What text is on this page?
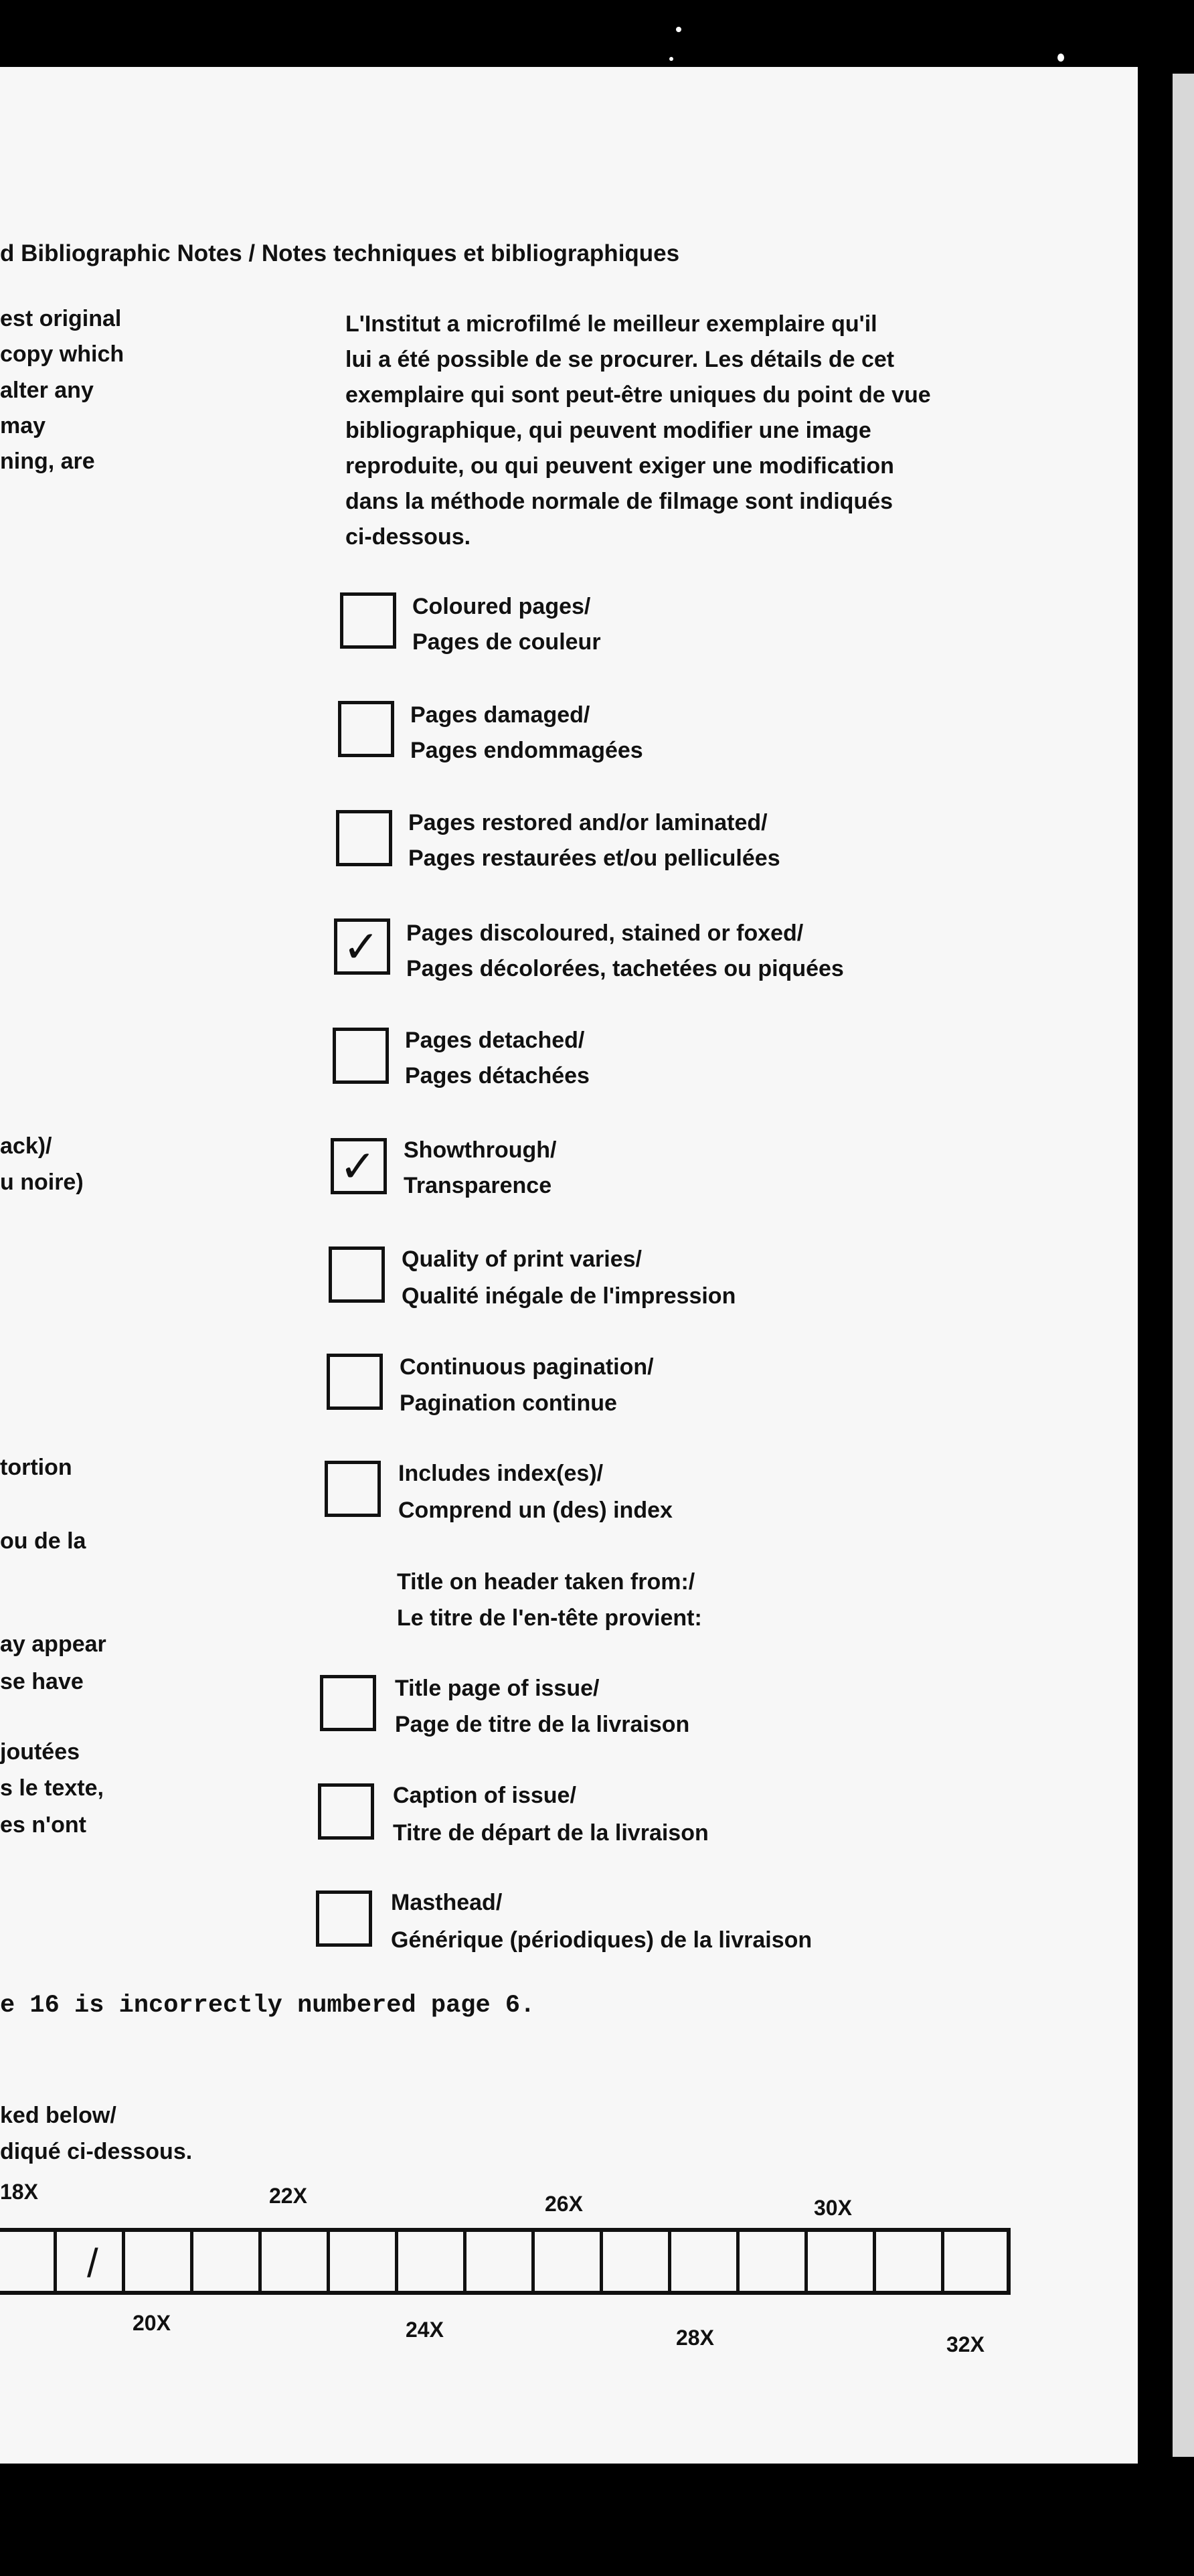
d Bibliographic Notes / Notes techniques et bibliographiques
est original
copy which
alter any
may
ning, are
ack)/
u noire)
tortion
ou de la
ay appear
se have
joutées
s le texte,
es n'ont
L'Institut a microfilmé le meilleur exemplaire qu'il
lui a été possible de se procurer. Les détails de cet
exemplaire qui sont peut-être uniques du point de vue
bibliographique, qui peuvent modifier une image
reproduite, ou qui peuvent exiger une modification
dans la méthode normale de filmage sont indiqués
ci-dessous.
Coloured pages/
Pages de couleur
Pages damaged/
Pages endommagées
Pages restored and/or laminated/
Pages restaurées et/ou pelliculées
✓ Pages discoloured, stained or foxed/
Pages décolorées, tachetées ou piquées
Pages detached/
Pages détachées
✓ Showthrough/
Transparence
Quality of print varies/
Qualité inégale de l'impression
Continuous pagination/
Pagination continue
Includes index(es)/
Comprend un (des) index
Title on header taken from:/
Le titre de l'en-tête provient:
Title page of issue/
Page de titre de la livraison
Caption of issue/
Titre de départ de la livraison
Masthead/
Générique (périodiques) de la livraison
e 16 is incorrectly numbered page 6.
ked below/
diqué ci-dessous.
18X	22X	26X	30X
/
20X	24X	28X	32X
